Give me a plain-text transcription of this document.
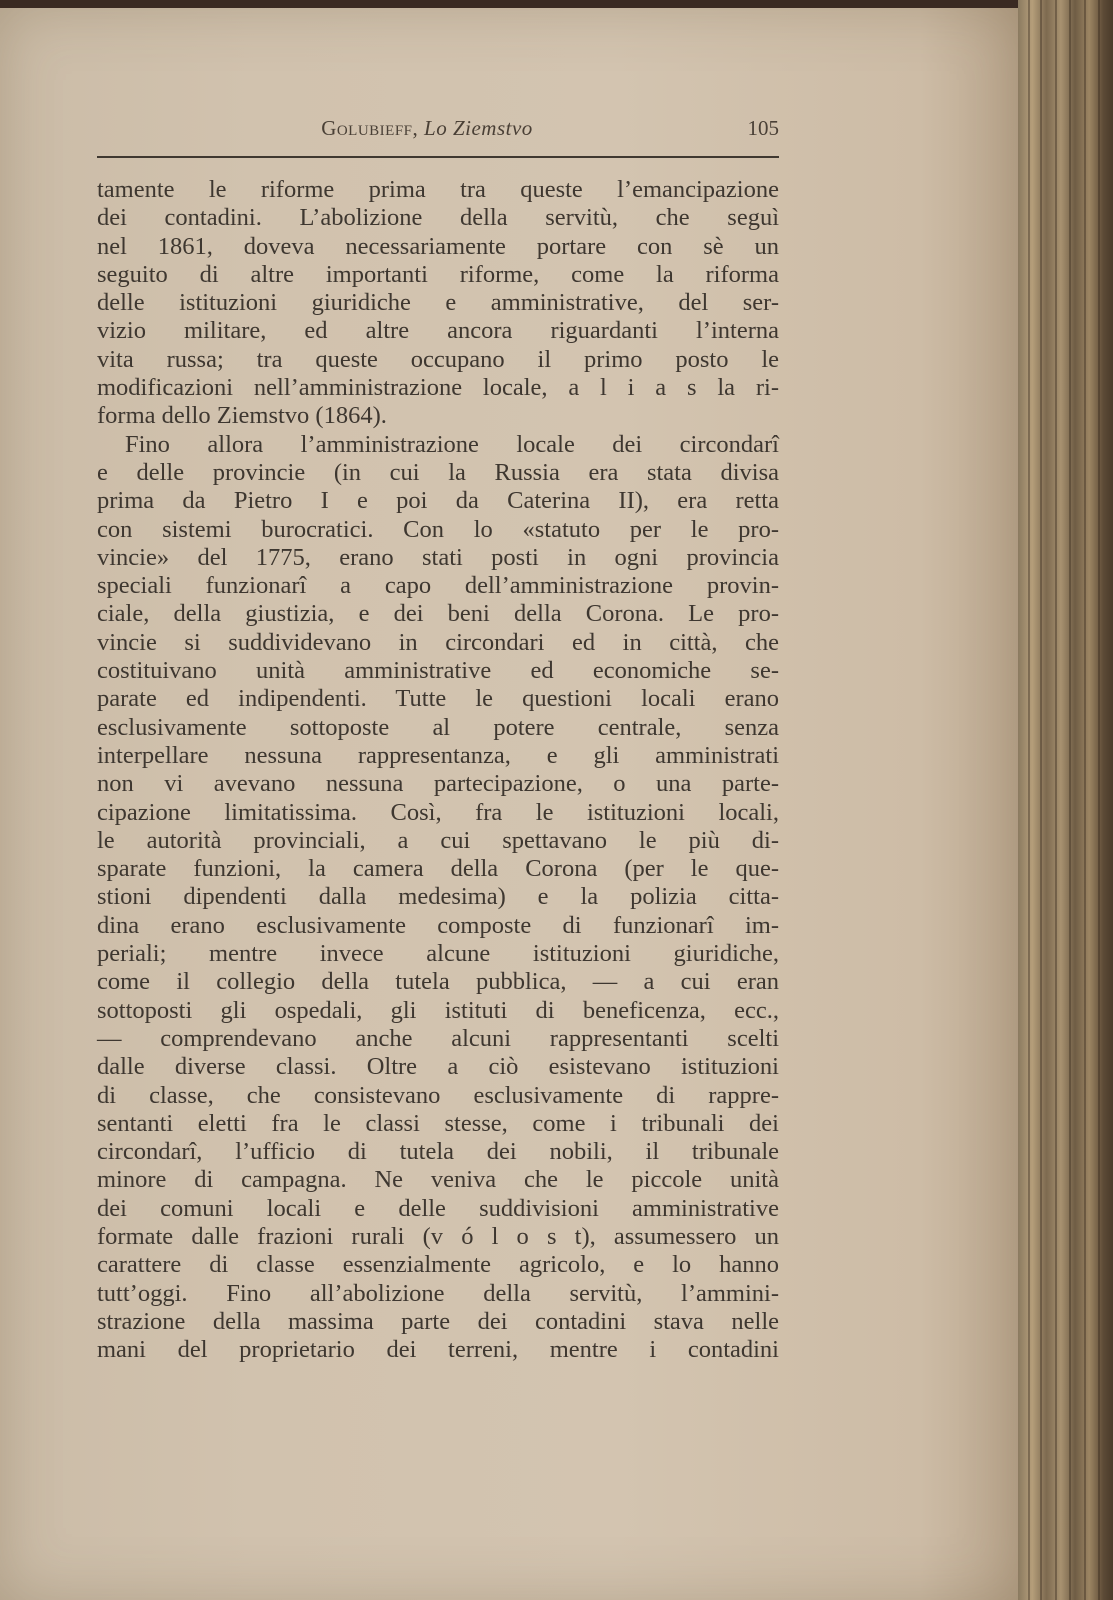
Golubieff, Lo Ziemstvo	105
tamente le riforme prima tra queste l’emancipazione
dei contadini. L’abolizione della servitù, che seguì
nel 1861, doveva necessariamente portare con sè un
seguito di altre importanti riforme, come la riforma
delle istituzioni giuridiche e amministrative, del ser-
vizio militare, ed altre ancora riguardanti l’interna
vita russa; tra queste occupano il primo posto le
modificazioni nell’amministrazione locale, a l i a s la ri-
forma dello Ziemstvo (1864).
Fino allora l’amministrazione locale dei circondarî
e delle provincie (in cui la Russia era stata divisa
prima da Pietro I e poi da Caterina II), era retta
con sistemi burocratici. Con lo «statuto per le pro-
vincie» del 1775, erano stati posti in ogni provincia
speciali funzionarî a capo dell’amministrazione provin-
ciale, della giustizia, e dei beni della Corona. Le pro-
vincie si suddividevano in circondari ed in città, che
costituivano unità amministrative ed economiche se-
parate ed indipendenti. Tutte le questioni locali erano
esclusivamente sottoposte al potere centrale, senza
interpellare nessuna rappresentanza, e gli amministrati
non vi avevano nessuna partecipazione, o una parte-
cipazione limitatissima. Così, fra le istituzioni locali,
le autorità provinciali, a cui spettavano le più di-
sparate funzioni, la camera della Corona (per le que-
stioni dipendenti dalla medesima) e la polizia citta-
dina erano esclusivamente composte di funzionarî im-
periali; mentre invece alcune istituzioni giuridiche,
come il collegio della tutela pubblica, — a cui eran
sottoposti gli ospedali, gli istituti di beneficenza, ecc.,
— comprendevano anche alcuni rappresentanti scelti
dalle diverse classi. Oltre a ciò esistevano istituzioni
di classe, che consistevano esclusivamente di rappre-
sentanti eletti fra le classi stesse, come i tribunali dei
circondarî, l’ufficio di tutela dei nobili, il tribunale
minore di campagna. Ne veniva che le piccole unità
dei comuni locali e delle suddivisioni amministrative
formate dalle frazioni rurali (v ó l o s t), assumessero un
carattere di classe essenzialmente agricolo, e lo hanno
tutt’oggi. Fino all’abolizione della servitù, l’ammini-
strazione della massima parte dei contadini stava nelle
mani del proprietario dei terreni, mentre i contadini
